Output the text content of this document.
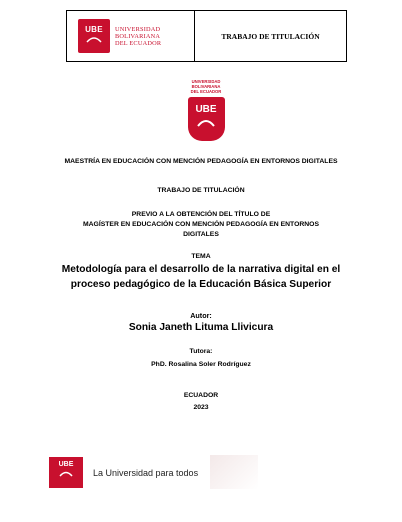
UBE UNIVERSIDAD
BOLIVARIANA
DEL ECUADOR
TRABAJO DE TITULACIÓN
UNIVERSIDAD
BOLIVARIANA
DEL ECUADOR
UBE
MAESTRÍA EN EDUCACIÓN CON MENCIÓN PEDAGOGÍA EN ENTORNOS DIGITALES
TRABAJO DE TITULACIÓN
PREVIO A LA OBTENCIÓN DEL TÍTULO DE
MAGÍSTER EN EDUCACIÓN CON MENCIÓN PEDAGOGÍA EN ENTORNOS
DIGITALES
TEMA
Metodología para el desarrollo de la narrativa digital en el
proceso pedagógico de la Educación Básica Superior
Autor:
Sonia Janeth Lituma Llivicura
Tutora:
PhD. Rosalina Soler Rodríguez
ECUADOR
2023
UBE
La Universidad para todos
